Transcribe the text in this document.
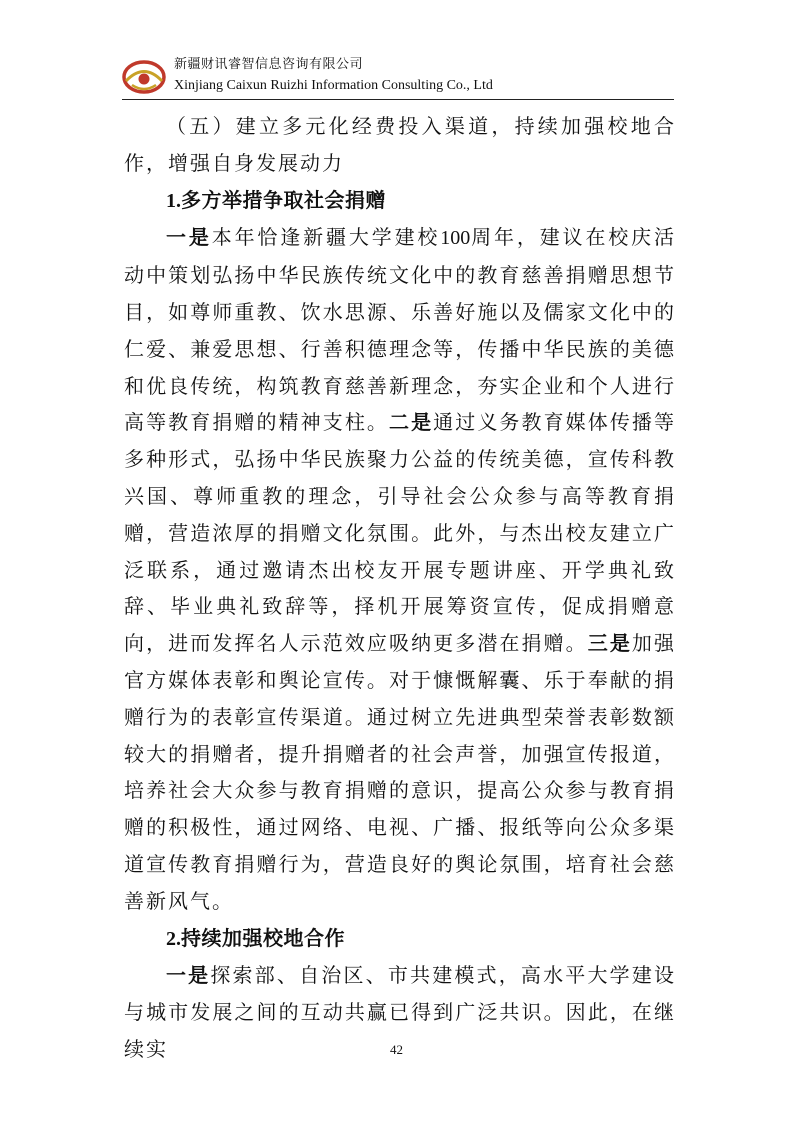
新疆财讯睿智信息咨询有限公司
Xinjiang Caixun Ruizhi Information Consulting Co., Ltd

（五）建立多元化经费投入渠道，持续加强校地合作，增强自身发展动力

1.多方举措争取社会捐赠

一是本年恰逢新疆大学建校100周年，建议在校庆活动中策划弘扬中华民族传统文化中的教育慈善捐赠思想节目，如尊师重教、饮水思源、乐善好施以及儒家文化中的仁爱、兼爱思想、行善积德理念等，传播中华民族的美德和优良传统，构筑教育慈善新理念，夯实企业和个人进行高等教育捐赠的精神支柱。二是通过义务教育媒体传播等多种形式，弘扬中华民族聚力公益的传统美德，宣传科教兴国、尊师重教的理念，引导社会公众参与高等教育捐赠，营造浓厚的捐赠文化氛围。此外，与杰出校友建立广泛联系，通过邀请杰出校友开展专题讲座、开学典礼致辞、毕业典礼致辞等，择机开展筹资宣传，促成捐赠意向，进而发挥名人示范效应吸纳更多潜在捐赠。三是加强官方媒体表彰和舆论宣传。对于慷慨解囊、乐于奉献的捐赠行为的表彰宣传渠道。通过树立先进典型荣誉表彰数额较大的捐赠者，提升捐赠者的社会声誉，加强宣传报道，培养社会大众参与教育捐赠的意识，提高公众参与教育捐赠的积极性，通过网络、电视、广播、报纸等向公众多渠道宣传教育捐赠行为，营造良好的舆论氛围，培育社会慈善新风气。

2.持续加强校地合作

一是探索部、自治区、市共建模式，高水平大学建设与城市发展之间的互动共赢已得到广泛共识。因此，在继续实	42
